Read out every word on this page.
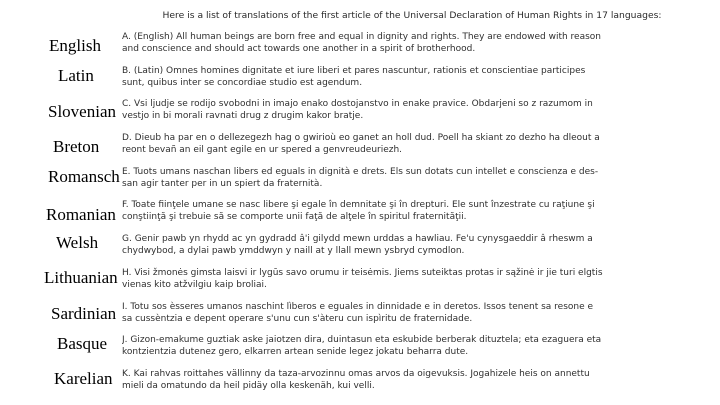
Here is a list of translations of the first article of the Universal Declaration of Human Rights in 17 languages:
English
Latin
Slovenian
Breton
Romansch
Romanian
Welsh
Lithuanian
Sardinian
Basque
Karelian
A. (English) All human beings are born free and equal in dignity and rights. They are endowed with reason
and conscience and should act towards one another in a spirit of brotherhood.
B. (Latin) Omnes homines dignitate et iure liberi et pares nascuntur, rationis et conscientiae participes
sunt, quibus inter se concordiae studio est agendum.
C. Vsi ljudje se rodijo svobodni in imajo enako dostojanstvo in enake pravice. Obdarjeni so z razumom in
vestjo in bi morali ravnati drug z drugim kakor bratje.
D. Dieub ha par en o dellezegezh hag o gwirioù eo ganet an holl dud. Poell ha skiant zo dezho ha dleout a
reont bevañ an eil gant egile en ur spered a genvreudeuriezh.
E. Tuots umans naschan libers ed eguals in dignità e drets. Els sun dotats cun intellet e conscienza e des-
san agir tanter per in un spiert da fraternità.
F. Toate fiinţele umane se nasc libere şi egale în demnitate şi în drepturi. Ele sunt înzestrate cu raţiune şi
conştiinţă şi trebuie să se comporte unii faţă de alţele în spiritul fraternităţii.
G. Genir pawb yn rhydd ac yn gydradd â'i gilydd mewn urddas a hawliau. Fe'u cynysgaeddir â rheswm a
chydwybod, a dylai pawb ymddwyn y naill at y llall mewn ysbryd cymodlon.
H. Visi žmonės gimsta laisvi ir lygūs savo orumu ir teisėmis. Jiems suteiktas protas ir sąžinė ir jie turi elgtis
vienas kito atžvilgiu kaip broliai.
I. Totu sos èsseres umanos naschint lìberos e eguales in dinnidade e in deretos. Issos tenent sa resone e
sa cussèntzia e depent operare s'unu cun s'àteru cun ispìritu de fraternidade.
J. Gizon-emakume guztiak aske jaiotzen dira, duintasun eta eskubide berberak dituztela; eta ezaguera eta
kontzientzia dutenez gero, elkarren artean senide legez jokatu beharra dute.
K. Kai rahvas roittahes vällinny da taza-arvozinnu omas arvos da oigevuksis. Jogahizele heis on annettu
mieli da omatundo da heil pidäy olla keskenäh, kui velli.
